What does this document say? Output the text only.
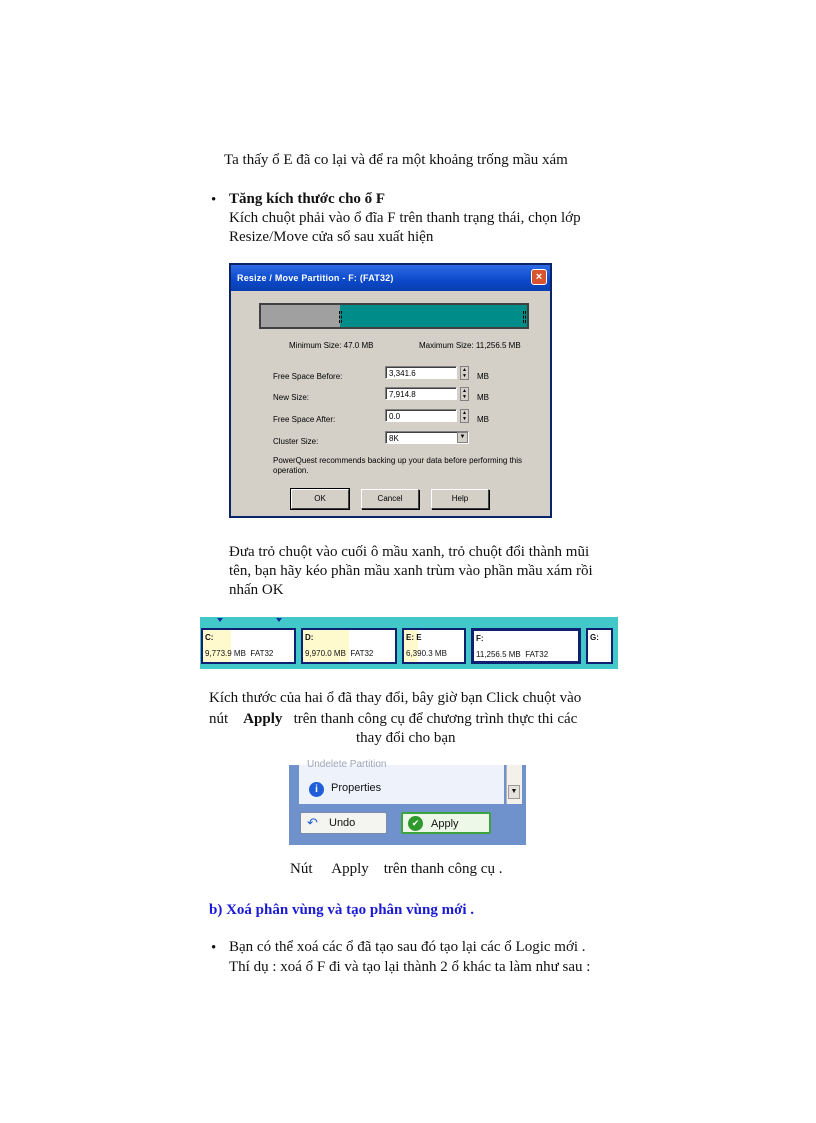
Ta thấy ổ E đã co lại và để ra một khoảng trống mầu xám
• Tăng kích thước cho ổ F
Kích chuột phải vào ổ đĩa F trên thanh trạng thái, chọn lớp
Resize/Move cửa sổ sau xuất hiện
Resize / Move Partition - F: (FAT32)	×
Minimum Size: 47.0 MB	Maximum Size: 11,256.5 MB
Free Space Before:	3,341.6	▲
▼ MB
New Size:	7,914.8	▲
▼ MB
Free Space After:	0.0	▲
▼ MB
Cluster Size:	8K	▼
PowerQuest recommends backing up your data before performing this
operation.
OK	Cancel	Help
Đưa trỏ chuột vào cuối ô mầu xanh, trỏ chuột đổi thành mũi
tên, bạn hãy kéo phần mầu xanh trùm vào phần mầu xám rồi
nhấn OK
C:
9,773.9 MB FAT32
D:
9,970.0 MB FAT32
E: E
6,390.3 MB
F:
11,256.5 MB FAT32
G:
Kích thước của hai ổ đã thay đổi, bây giờ bạn Click chuột vào
nút Apply trên thanh công cụ để chương trình thực thi các
thay đổi cho bạn
Undelete Partition
i	Properties	▼
↶ Undo	✔	Apply
Nút Apply trên thanh công cụ .
b) Xoá phân vùng và tạo phân vùng mới .
• Bạn có thể xoá các ổ đã tạo sau đó tạo lại các ổ Logic mới .
Thí dụ : xoá ổ F đi và tạo lại thành 2 ổ khác ta làm như sau :
